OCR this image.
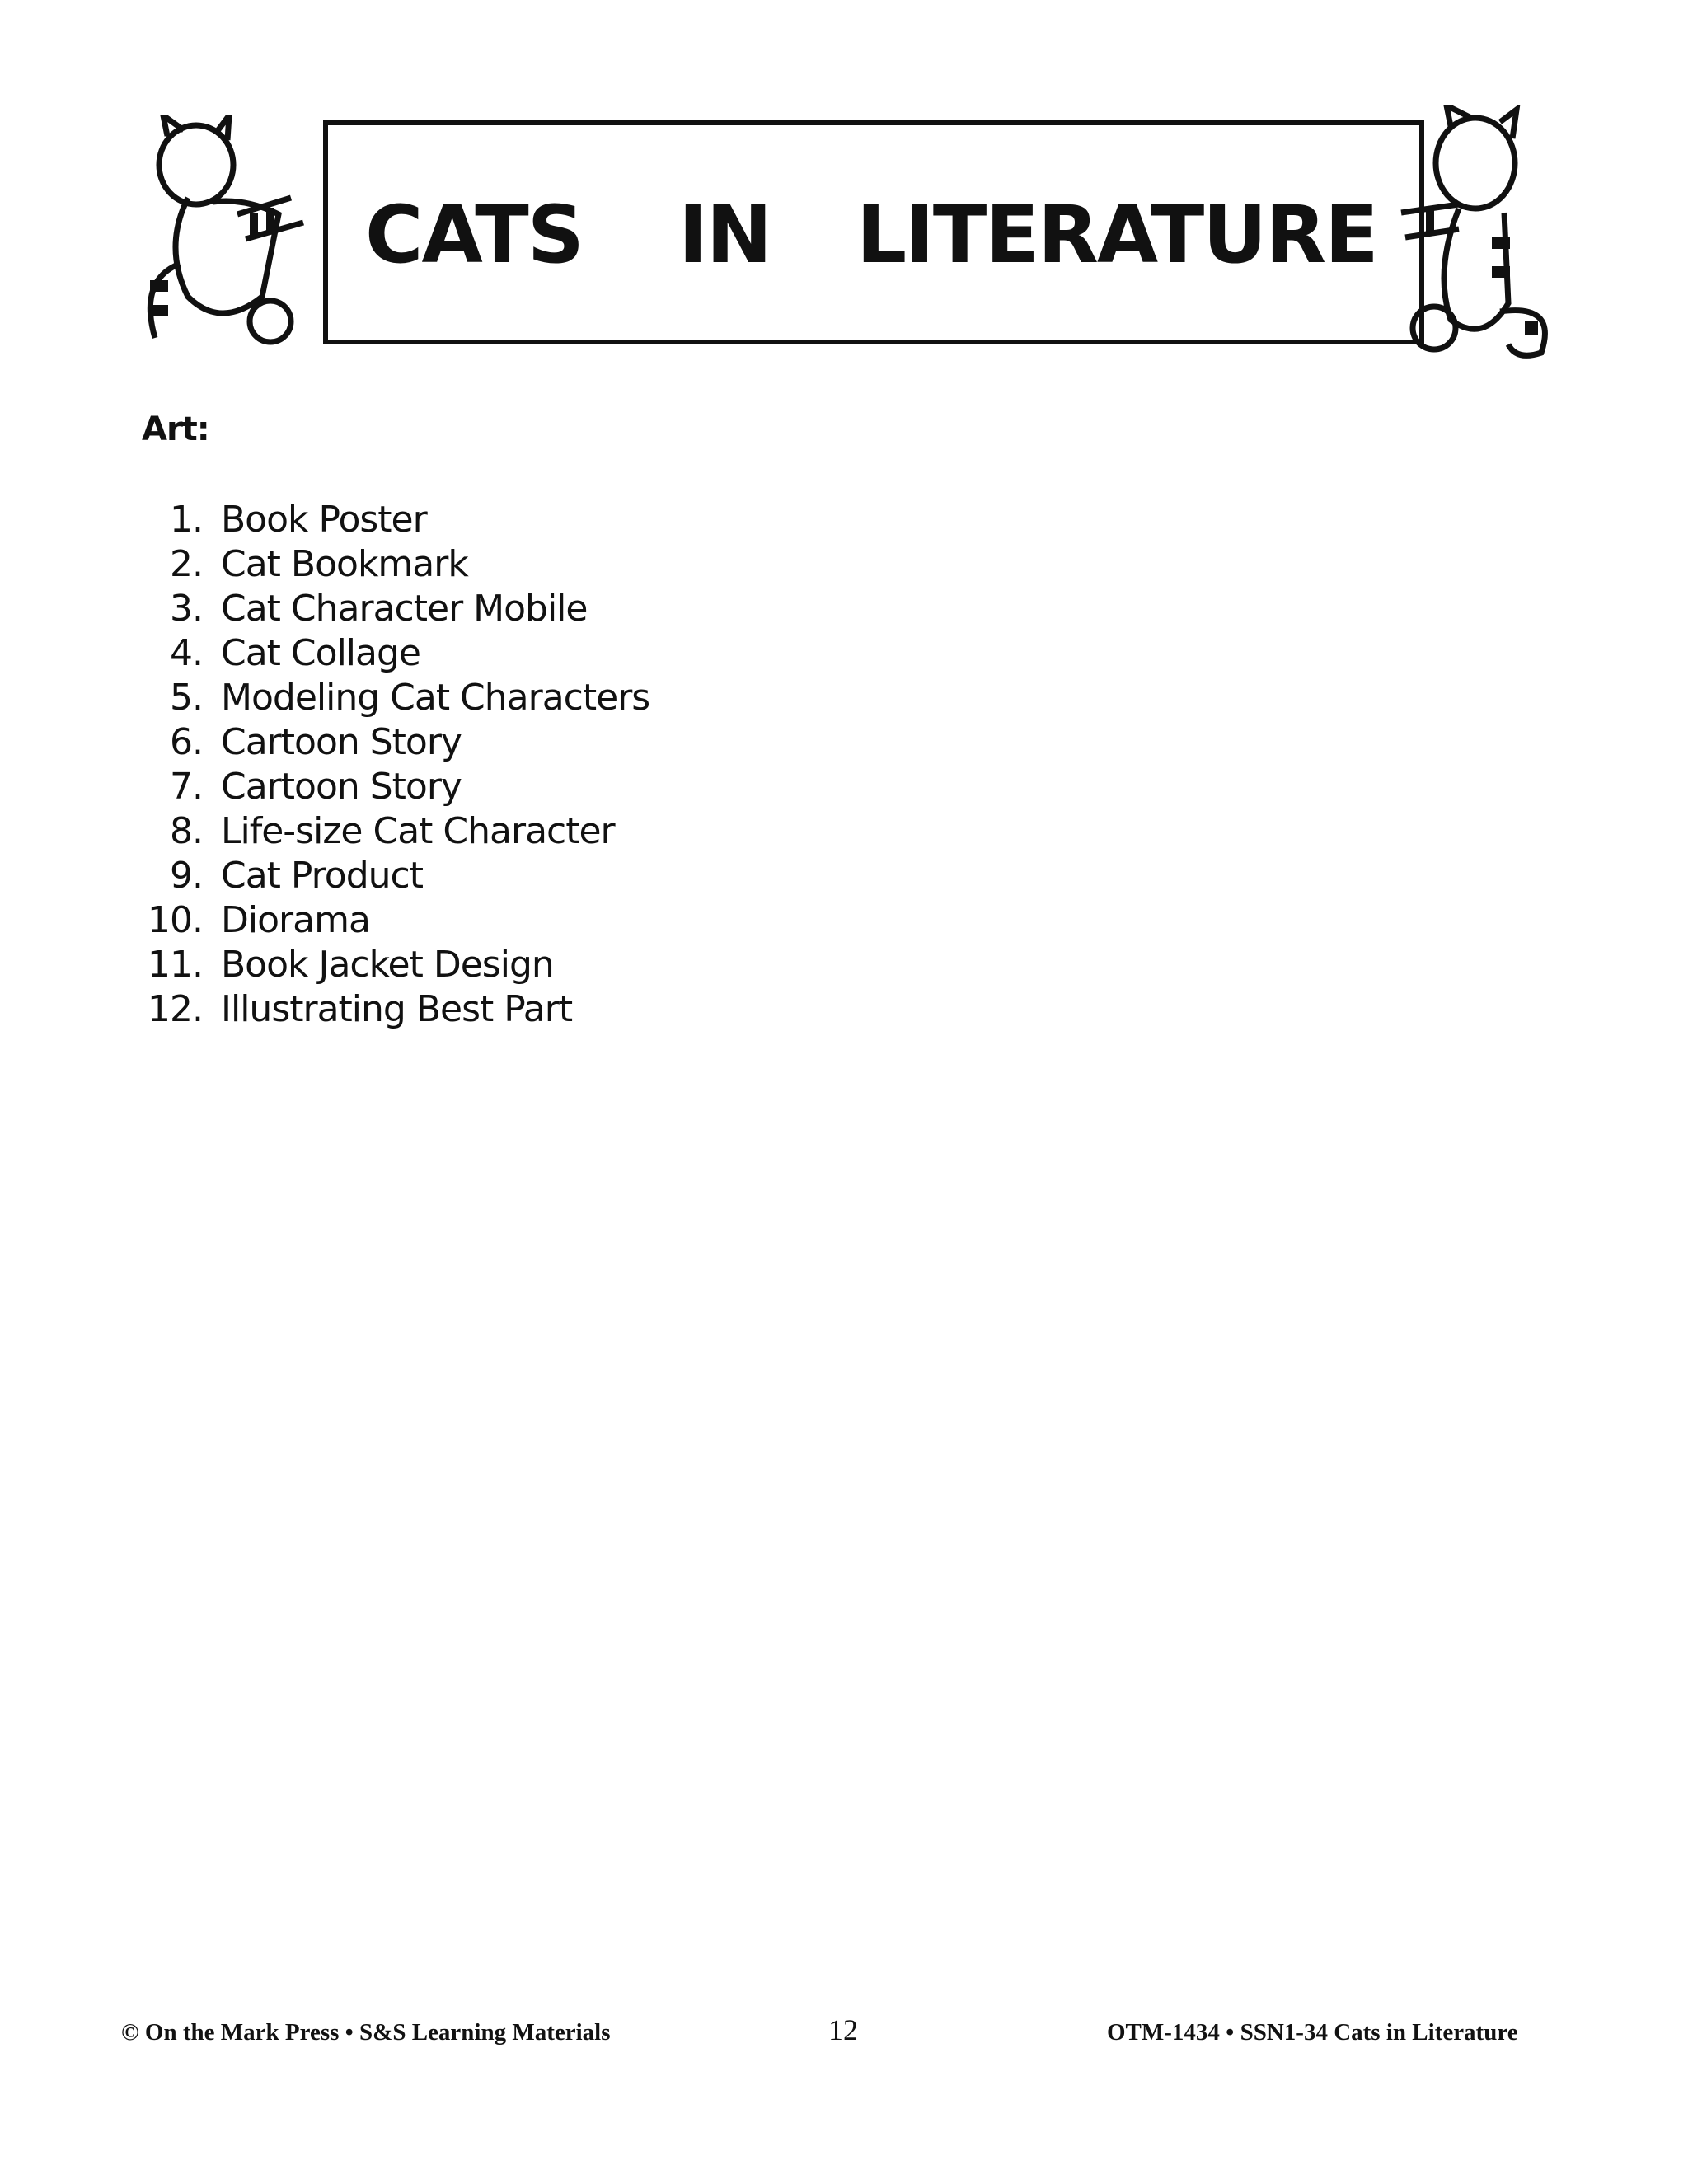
CATS IN LITERATURE
Art:
1. Book Poster
2. Cat Bookmark
3. Cat Character Mobile
4. Cat Collage
5. Modeling Cat Characters
6. Cartoon Story
7. Cartoon Story
8. Life-size Cat Character
9. Cat Product
10. Diorama
11. Book Jacket Design
12. Illustrating Best Part
© On the Mark Press • S&S Learning Materials	12	OTM-1434 • SSN1-34 Cats in Literature
